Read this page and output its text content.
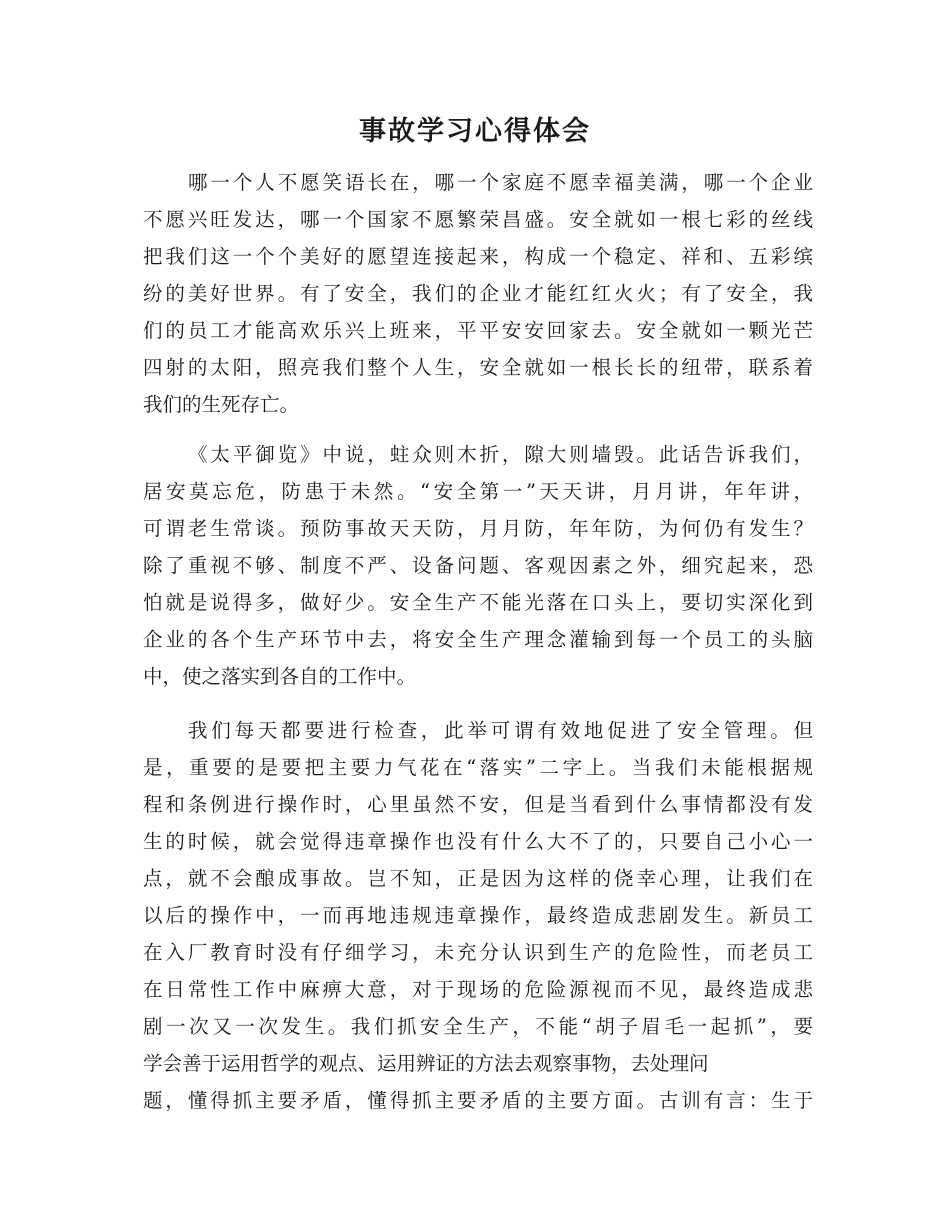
事故学习心得体会
哪一个人不愿笑语长在，哪一个家庭不愿幸福美满，哪一个企业
不愿兴旺发达，哪一个国家不愿繁荣昌盛。安全就如一根七彩的丝线
把我们这一个个美好的愿望连接起来，构成一个稳定、祥和、五彩缤
纷的美好世界。有了安全，我们的企业才能红红火火；有了安全，我
们的员工才能高欢乐兴上班来，平平安安回家去。安全就如一颗光芒
四射的太阳，照亮我们整个人生，安全就如一根长长的纽带，联系着
我们的生死存亡。
《太平御览》中说，蛀众则木折，隙大则墙毁。此话告诉我们，
居安莫忘危，防患于未然。“安全第一”天天讲，月月讲，年年讲，
可谓老生常谈。预防事故天天防，月月防，年年防，为何仍有发生？
除了重视不够、制度不严、设备问题、客观因素之外，细究起来，恐
怕就是说得多，做好少。安全生产不能光落在口头上，要切实深化到
企业的各个生产环节中去，将安全生产理念灌输到每一个员工的头脑
中，使之落实到各自的工作中。
我们每天都要进行检查，此举可谓有效地促进了安全管理。但
是，重要的是要把主要力气花在“落实”二字上。当我们未能根据规
程和条例进行操作时，心里虽然不安，但是当看到什么事情都没有发
生的时候，就会觉得违章操作也没有什么大不了的，只要自己小心一
点，就不会酿成事故。岂不知，正是因为这样的侥幸心理，让我们在
以后的操作中，一而再地违规违章操作，最终造成悲剧发生。新员工
在入厂教育时没有仔细学习，未充分认识到生产的危险性，而老员工
在日常性工作中麻痹大意，对于现场的危险源视而不见，最终造成悲
剧一次又一次发生。我们抓安全生产，不能“胡子眉毛一起抓”，要
学会善于运用哲学的观点、运用辨证的方法去观察事物，去处理问
题，懂得抓主要矛盾，懂得抓主要矛盾的主要方面。古训有言：生于
